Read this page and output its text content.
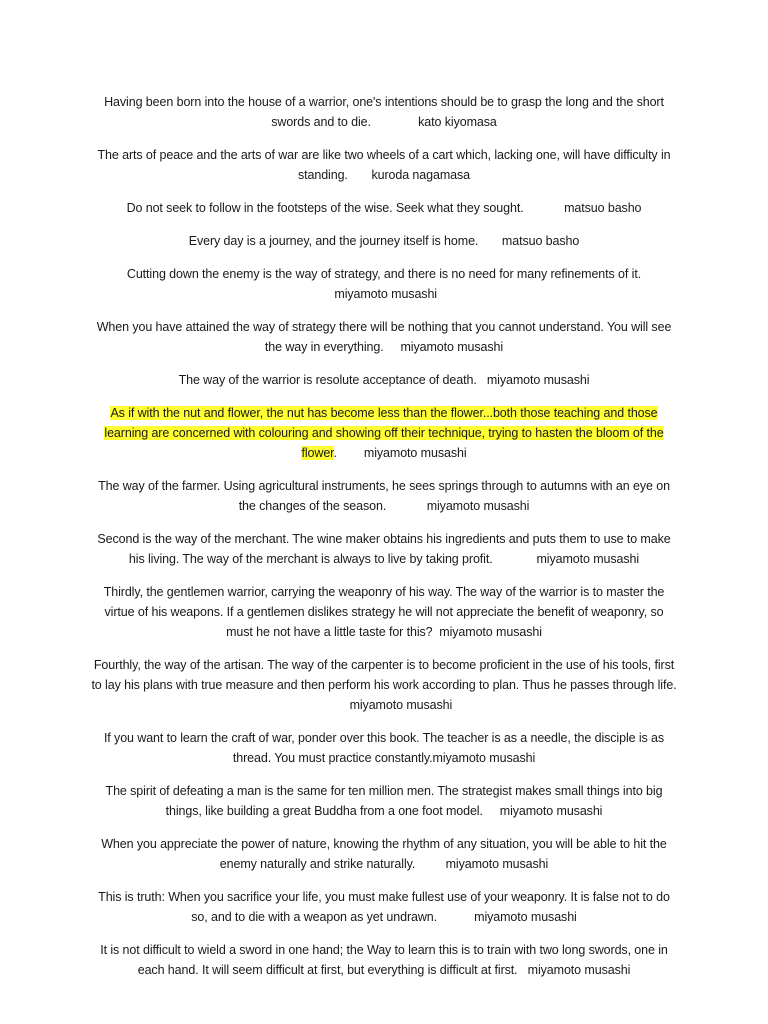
Having been born into the house of a warrior, one's intentions should be to grasp the long and the short swords and to die.	kato kiyomasa

The arts of peace and the arts of war are like two wheels of a cart which, lacking one, will have difficulty in standing. kuroda nagamasa

Do not seek to follow in the footsteps of the wise. Seek what they sought.	matsuo basho

Every day is a journey, and the journey itself is home. matsuo basho

Cutting down the enemy is the way of strategy, and there is no need for many refinements of it. miyamoto musashi

When you have attained the way of strategy there will be nothing that you cannot understand. You will see the way in everything. miyamoto musashi

The way of the warrior is resolute acceptance of death. miyamoto musashi

As if with the nut and flower, the nut has become less than the flower...both those teaching and those learning are concerned with colouring and showing off their technique, trying to hasten the bloom of the flower. miyamoto musashi

The way of the farmer. Using agricultural instruments, he sees springs through to autumns with an eye on the changes of the season.	miyamoto musashi

Second is the way of the merchant. The wine maker obtains his ingredients and puts them to use to make his living. The way of the merchant is always to live by taking profit.	miyamoto musashi

Thirdly, the gentlemen warrior, carrying the weaponry of his way. The way of the warrior is to master the virtue of his weapons. If a gentlemen dislikes strategy he will not appreciate the benefit of weaponry, so must he not have a little taste for this? miyamoto musashi

Fourthly, the way of the artisan. The way of the carpenter is to become proficient in the use of his tools, first to lay his plans with true measure and then perform his work according to plan. Thus he passes through life.          miyamoto musashi

If you want to learn the craft of war, ponder over this book. The teacher is as a needle, the disciple is as thread. You must practice constantly.miyamoto musashi

The spirit of defeating a man is the same for ten million men. The strategist makes small things into big things, like building a great Buddha from a one foot model. miyamoto musashi

When you appreciate the power of nature, knowing the rhythm of any situation, you will be able to hit the enemy naturally and strike naturally. miyamoto musashi

This is truth: When you sacrifice your life, you must make fullest use of your weaponry. It is false not to do so, and to die with a weapon as yet undrawn.	miyamoto musashi

It is not difficult to wield a sword in one hand; the Way to learn this is to train with two long swords, one in each hand. It will seem difficult at first, but everything is difficult at first. miyamoto musashi
